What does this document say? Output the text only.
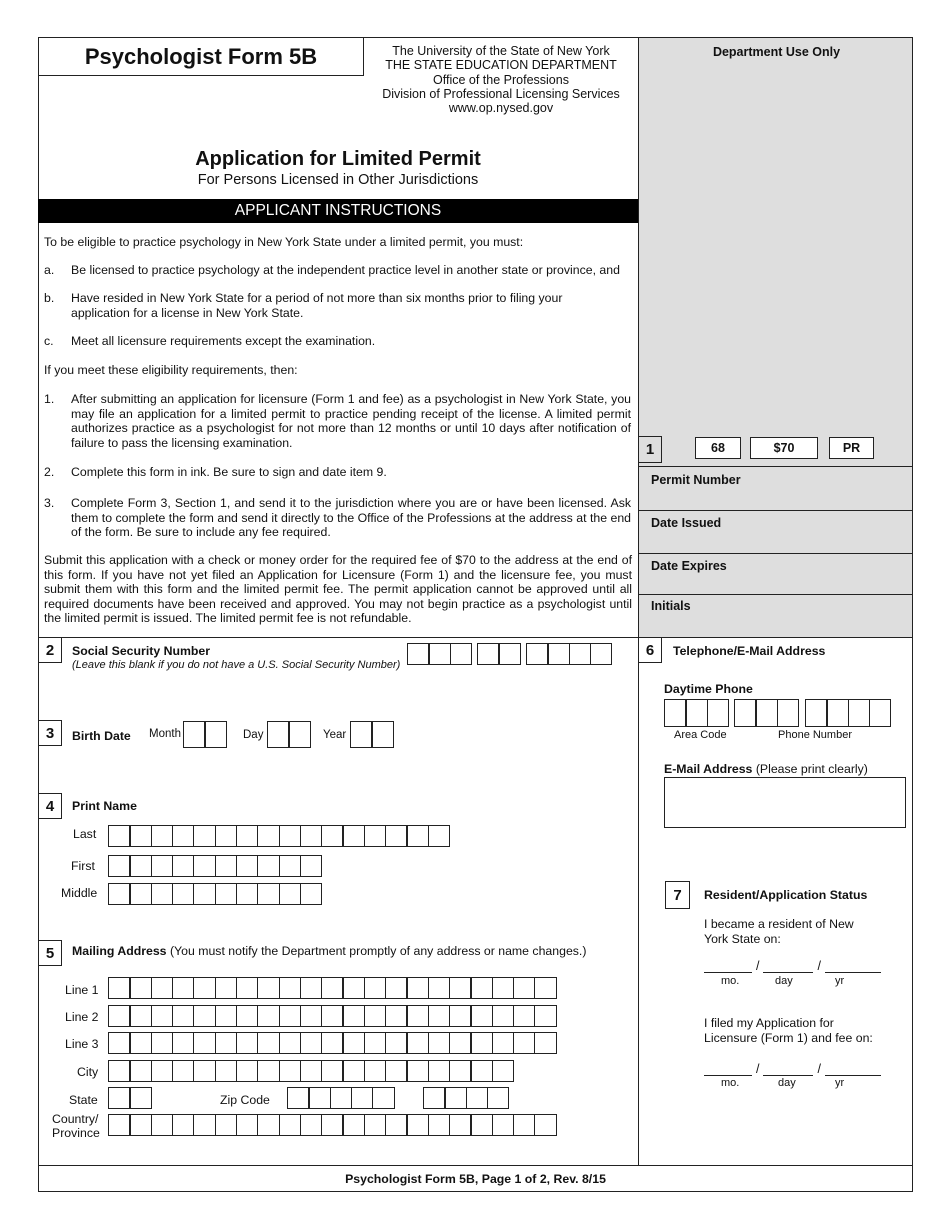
Psychologist Form 5B	The University of the State of New York
THE STATE EDUCATION DEPARTMENT
Office of the Professions
Division of Professional Licensing Services
www.op.nysed.gov
Department Use Only
Application for Limited Permit
For Persons Licensed in Other Jurisdictions
APPLICANT INSTRUCTIONS
To be eligible to practice psychology in New York State under a limited permit, you must:
a. Be licensed to practice psychology at the independent practice level in another state or province, and
b. Have resided in New York State for a period of not more than six months prior to filing your application for a license in New York State.
c. Meet all licensure requirements except the examination.
If you meet these eligibility requirements, then:
1. After submitting an application for licensure (Form 1 and fee) as a psychologist in New York State, you may file an application for a limited permit to practice pending receipt of the license. A limited permit authorizes practice as a psychologist for not more than 12 months or until 10 days after notification of failure to pass the licensing examination.
2. Complete this form in ink. Be sure to sign and date item 9.
3. Complete Form 3, Section 1, and send it to the jurisdiction where you are or have been licensed. Ask them to complete the form and send it directly to the Office of the Professions at the address at the end of the form. Be sure to include any fee required.
Submit this application with a check or money order for the required fee of $70 to the address at the end of this form. If you have not yet filed an Application for Licensure (Form 1) and the licensure fee, you must submit them with this form and the limited permit fee. The permit application cannot be approved until all required documents have been received and approved. You may not begin practice as a psychologist until the limited permit is issued. The limited permit fee is not refundable.
1	68	$70	PR
Permit Number
Date Issued
Date Expires
Initials
2	Social Security Number
(Leave this blank if you do not have a U.S. Social Security Number)
3	Birth Date Month	Day	Year
4	Print Name
Last
First
Middle
5	Mailing Address (You must notify the Department promptly of any address or name changes.)
Line 1
Line 2
Line 3
City
State	Zip Code
Country/
Province
6	Telephone/E-Mail Address
Daytime Phone
Area Code	Phone Number
E-Mail Address (Please print clearly)
7	Resident/Application Status
I became a resident of New
York State on:
/	/
mo.	day	yr
I filed my Application for
Licensure (Form 1) and fee on:
/	/
mo.	day	yr
Psychologist Form 5B, Page 1 of 2, Rev. 8/15
